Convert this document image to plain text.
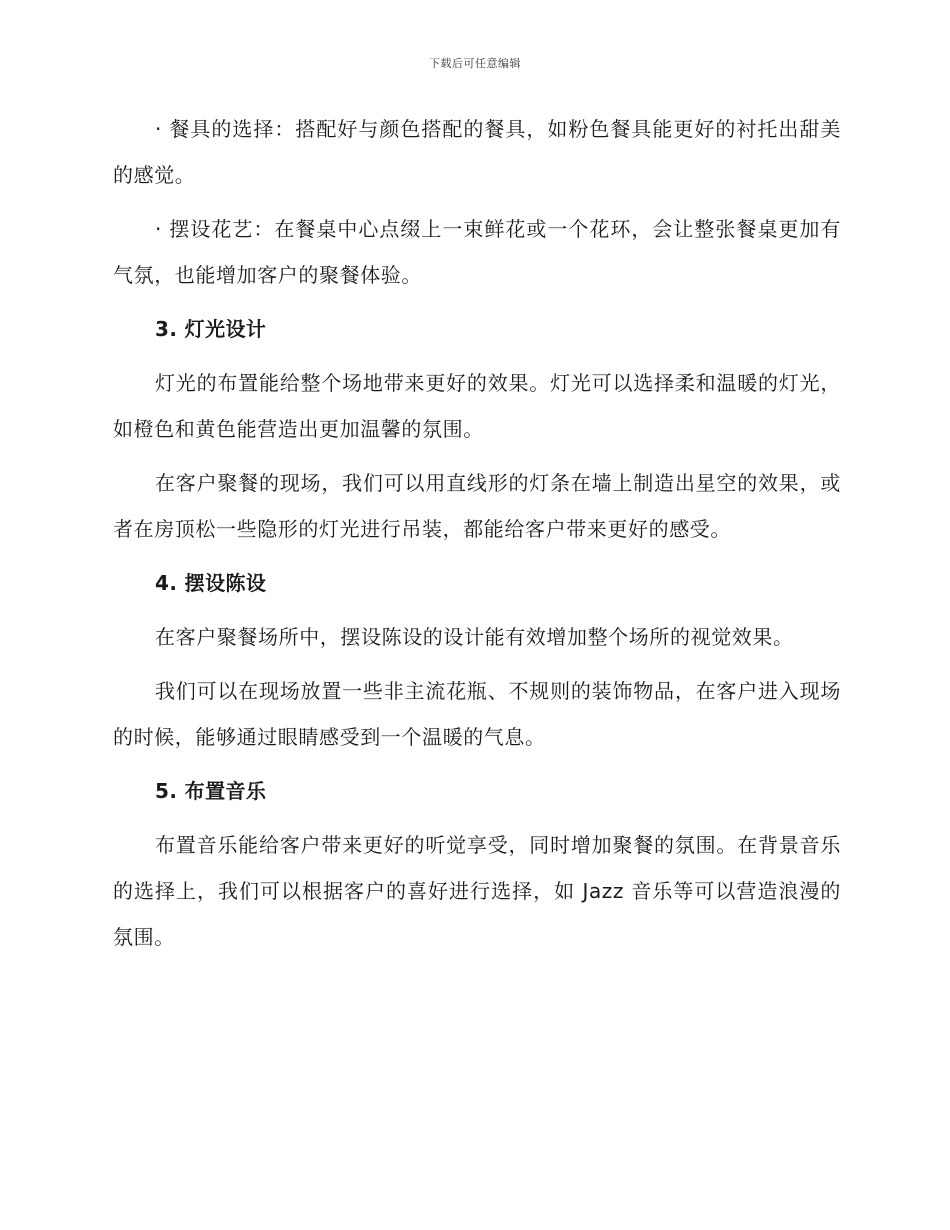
下载后可任意编辑

· 餐具的选择：搭配好与颜色搭配的餐具，如粉色餐具能更好的衬托出甜美的感觉。

· 摆设花艺：在餐桌中心点缀上一束鲜花或一个花环，会让整张餐桌更加有气氛，也能增加客户的聚餐体验。

3. 灯光设计

灯光的布置能给整个场地带来更好的效果。灯光可以选择柔和温暖的灯光，如橙色和黄色能营造出更加温馨的氛围。

在客户聚餐的现场，我们可以用直线形的灯条在墙上制造出星空的效果，或者在房顶松一些隐形的灯光进行吊装，都能给客户带来更好的感受。

4. 摆设陈设

在客户聚餐场所中，摆设陈设的设计能有效增加整个场所的视觉效果。

我们可以在现场放置一些非主流花瓶、不规则的装饰物品，在客户进入现场的时候，能够通过眼睛感受到一个温暖的气息。

5. 布置音乐

布置音乐能给客户带来更好的听觉享受，同时增加聚餐的氛围。在背景音乐的选择上，我们可以根据客户的喜好进行选择，如 Jazz 音乐等可以营造浪漫的氛围。
